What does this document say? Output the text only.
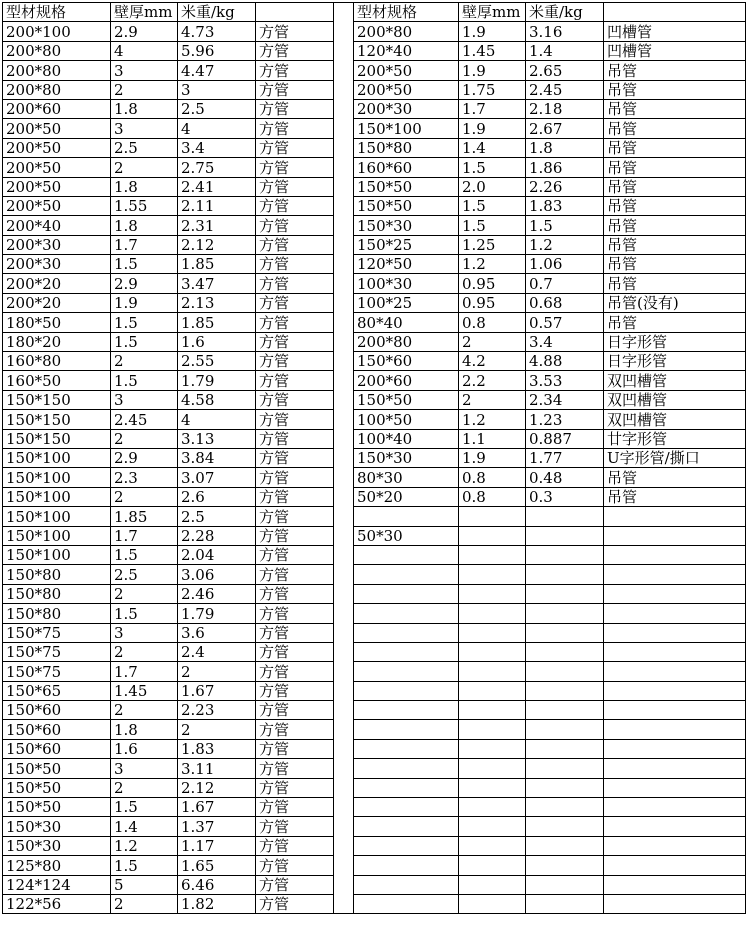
型材规格	壁厚mm	米重/kg			型材规格	壁厚mm	米重/kg	
200*100	2.9	4.73	方管		200*80	1.9	3.16	凹槽管
200*80	4	5.96	方管		120*40	1.45	1.4	凹槽管
200*80	3	4.47	方管		200*50	1.9	2.65	吊管
200*80	2	3	方管		200*50	1.75	2.45	吊管
200*60	1.8	2.5	方管		200*30	1.7	2.18	吊管
200*50	3	4	方管		150*100	1.9	2.67	吊管
200*50	2.5	3.4	方管		150*80	1.4	1.8	吊管
200*50	2	2.75	方管		160*60	1.5	1.86	吊管
200*50	1.8	2.41	方管		150*50	2.0	2.26	吊管
200*50	1.55	2.11	方管		150*50	1.5	1.83	吊管
200*40	1.8	2.31	方管		150*30	1.5	1.5	吊管
200*30	1.7	2.12	方管		150*25	1.25	1.2	吊管
200*30	1.5	1.85	方管		120*50	1.2	1.06	吊管
200*20	2.9	3.47	方管		100*30	0.95	0.7	吊管
200*20	1.9	2.13	方管		100*25	0.95	0.68	吊管(没有)
180*50	1.5	1.85	方管		80*40	0.8	0.57	吊管
180*20	1.5	1.6	方管		200*80	2	3.4	日字形管
160*80	2	2.55	方管		150*60	4.2	4.88	日字形管
160*50	1.5	1.79	方管		200*60	2.2	3.53	双凹槽管
150*150	3	4.58	方管		150*50	2	2.34	双凹槽管
150*150	2.45	4	方管		100*50	1.2	1.23	双凹槽管
150*150	2	3.13	方管		100*40	1.1	0.887	廿字形管
150*100	2.9	3.84	方管		150*30	1.9	1.77	U字形管/撕口
150*100	2.3	3.07	方管		80*30	0.8	0.48	吊管
150*100	2	2.6	方管		50*20	0.8	0.3	吊管
150*100	1.85	2.5	方管					
150*100	1.7	2.28	方管		50*30			
150*100	1.5	2.04	方管					
150*80	2.5	3.06	方管					
150*80	2	2.46	方管					
150*80	1.5	1.79	方管					
150*75	3	3.6	方管					
150*75	2	2.4	方管					
150*75	1.7	2	方管					
150*65	1.45	1.67	方管					
150*60	2	2.23	方管					
150*60	1.8	2	方管					
150*60	1.6	1.83	方管					
150*50	3	3.11	方管					
150*50	2	2.12	方管					
150*50	1.5	1.67	方管					
150*30	1.4	1.37	方管					
150*30	1.2	1.17	方管					
125*80	1.5	1.65	方管					
124*124	5	6.46	方管					
122*56	2	1.82	方管					
